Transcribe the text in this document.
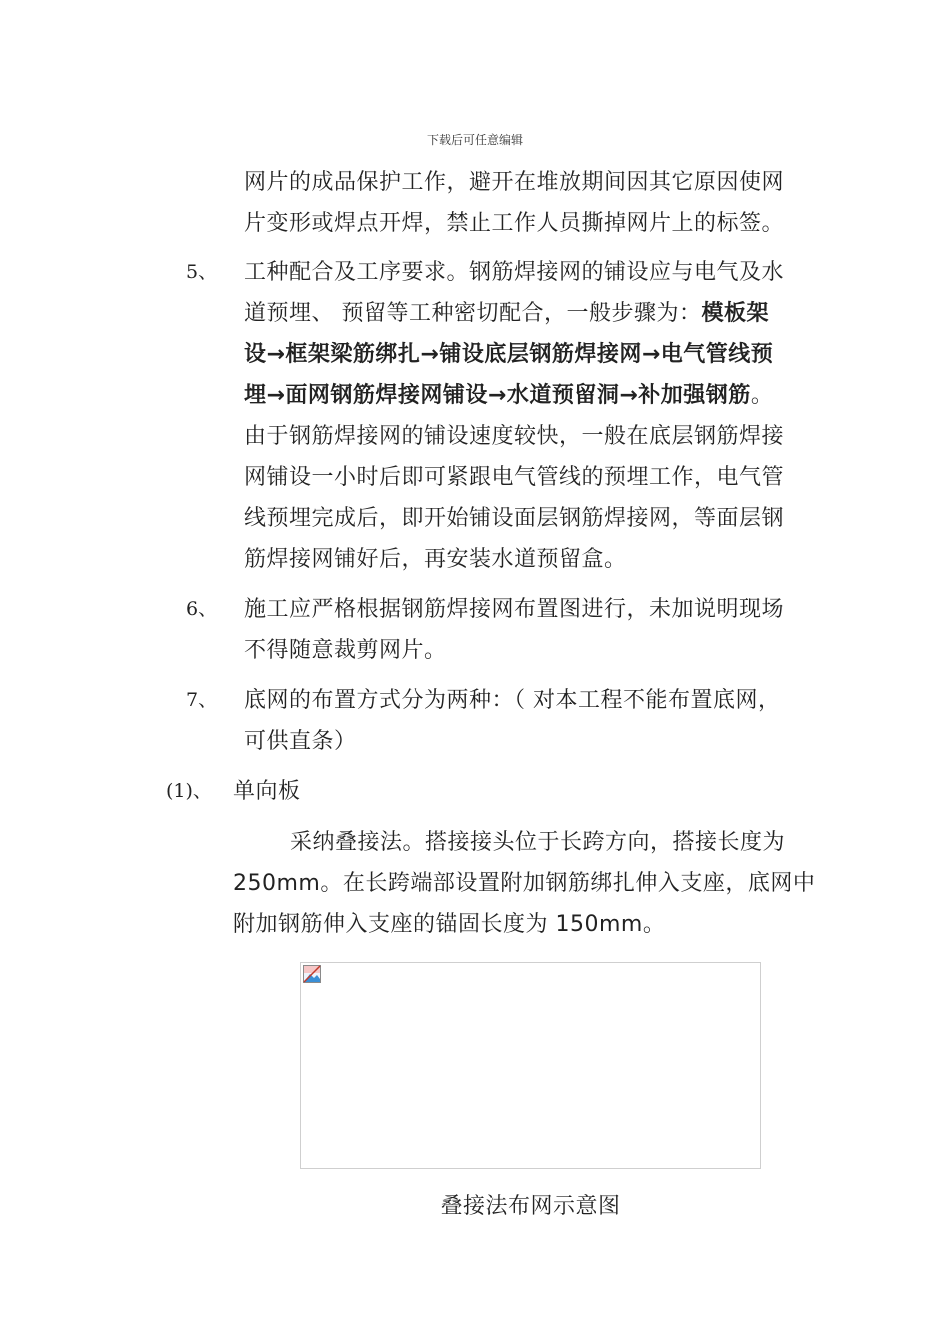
下载后可任意编辑
网片的成品保护工作，避开在堆放期间因其它原因使网
片变形或焊点开焊，禁止工作人员撕掉网片上的标签。
5、 工种配合及工序要求。钢筋焊接网的铺设应与电气及水
道预埋、 预留等工种密切配合，一般步骤为：模板架
设→框架梁筋绑扎→铺设底层钢筋焊接网→电气管线预
埋→面网钢筋焊接网铺设→水道预留洞→补加强钢筋。
由于钢筋焊接网的铺设速度较快，一般在底层钢筋焊接
网铺设一小时后即可紧跟电气管线的预埋工作，电气管
线预埋完成后，即开始铺设面层钢筋焊接网，等面层钢
筋焊接网铺好后，再安装水道预留盒。
6、 施工应严格根据钢筋焊接网布置图进行，未加说明现场
不得随意裁剪网片。
7、 底网的布置方式分为两种：（ 对本工程不能布置底网，
可供直条）
(1)、 单向板
采纳叠接法。搭接接头位于长跨方向，搭接长度为
250mm。在长跨端部设置附加钢筋绑扎伸入支座，底网中
附加钢筋伸入支座的锚固长度为 150mm。
叠接法布网示意图
